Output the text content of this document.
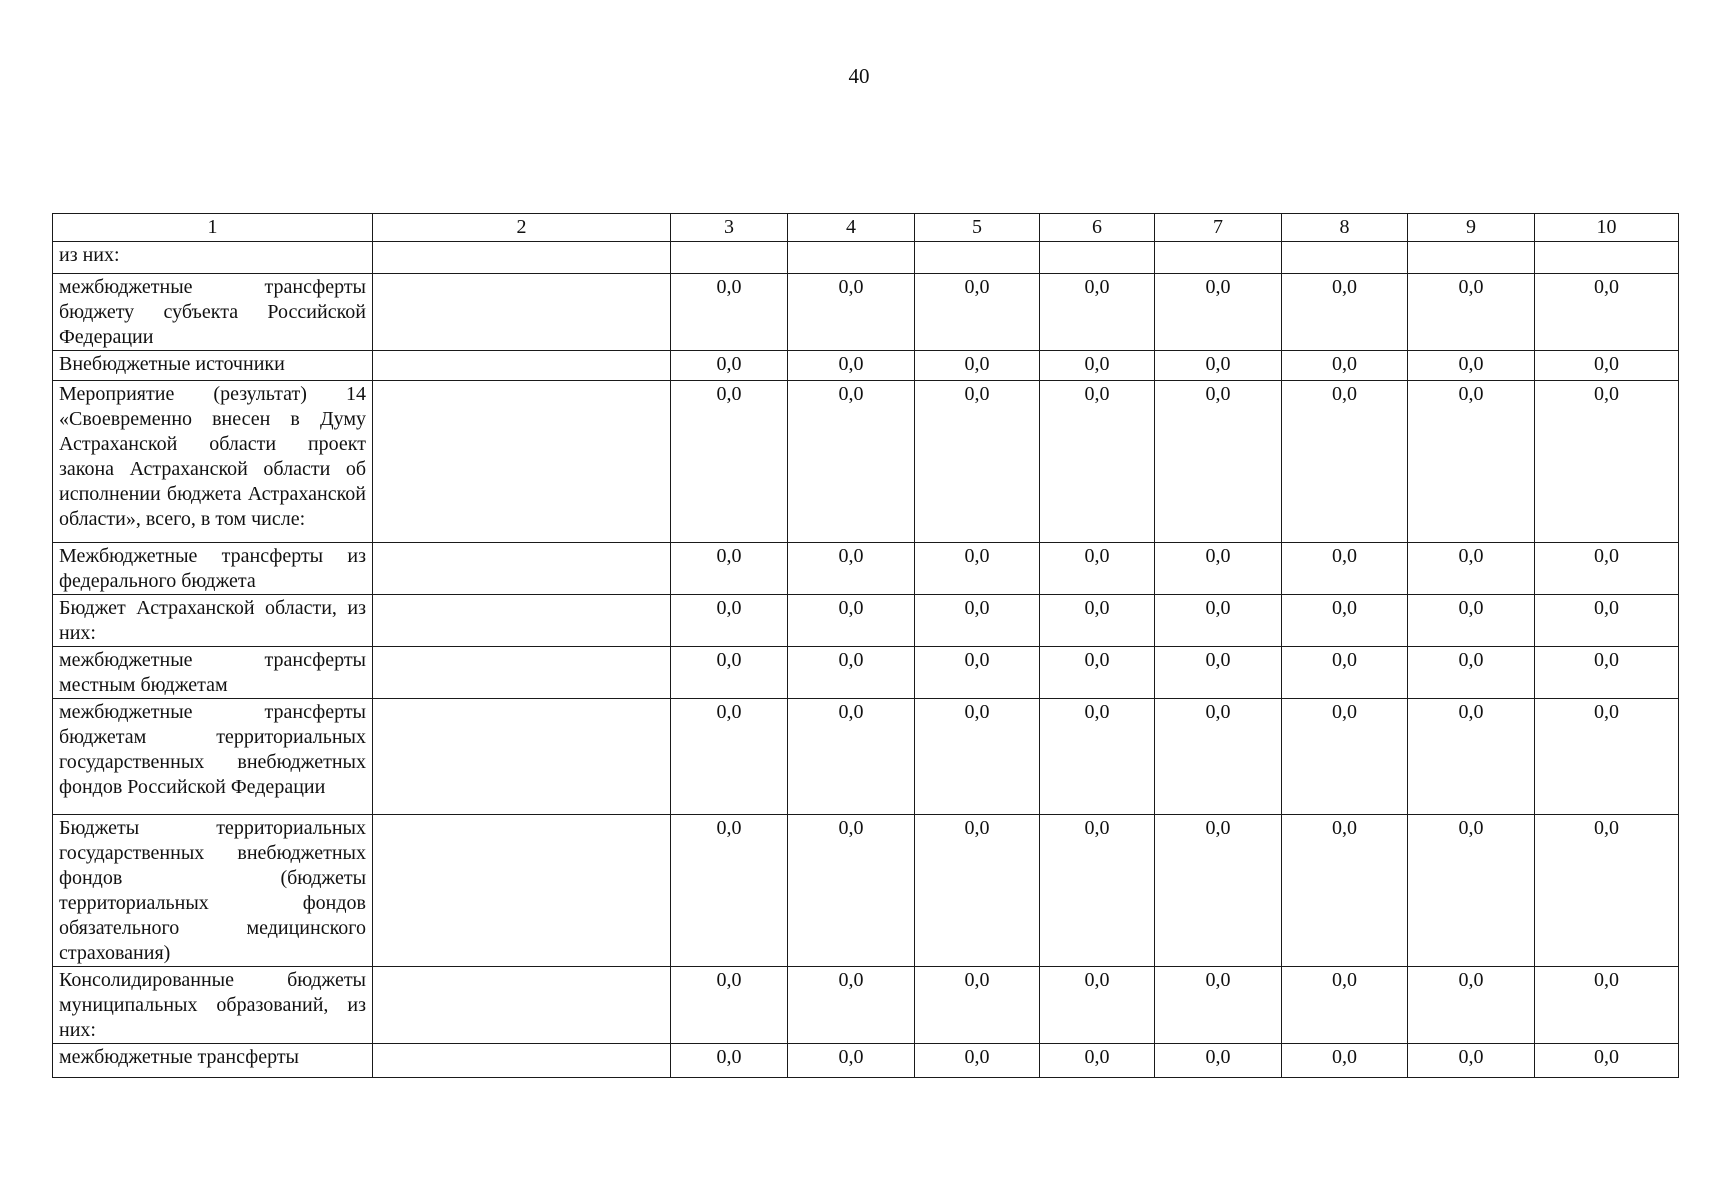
40
1	2	3	4	5	6	7	8	9	10
из них:									
межбюджетные трансферты бюджету субъекта Российской Федерации		0,0	0,0	0,0	0,0	0,0	0,0	0,0	0,0
Внебюджетные источники		0,0	0,0	0,0	0,0	0,0	0,0	0,0	0,0
Мероприятие (результат) 14 «Своевременно внесен в Думу Астраханской области проект закона Астраханской области об исполнении бюджета Астраханской области», всего, в том числе:		0,0	0,0	0,0	0,0	0,0	0,0	0,0	0,0
Межбюджетные трансферты из федерального бюджета		0,0	0,0	0,0	0,0	0,0	0,0	0,0	0,0
Бюджет Астраханской области, из них:		0,0	0,0	0,0	0,0	0,0	0,0	0,0	0,0
межбюджетные трансферты местным бюджетам		0,0	0,0	0,0	0,0	0,0	0,0	0,0	0,0
межбюджетные трансферты бюджетам территориальных государственных внебюджетных фондов Российской Федерации		0,0	0,0	0,0	0,0	0,0	0,0	0,0	0,0
Бюджеты территориальных государственных внебюджетных фондов (бюджеты территориальных фондов обязательного медицинского страхования)		0,0	0,0	0,0	0,0	0,0	0,0	0,0	0,0
Консолидированные бюджеты муниципальных образований, из них:		0,0	0,0	0,0	0,0	0,0	0,0	0,0	0,0
межбюджетные трансферты		0,0	0,0	0,0	0,0	0,0	0,0	0,0	0,0
